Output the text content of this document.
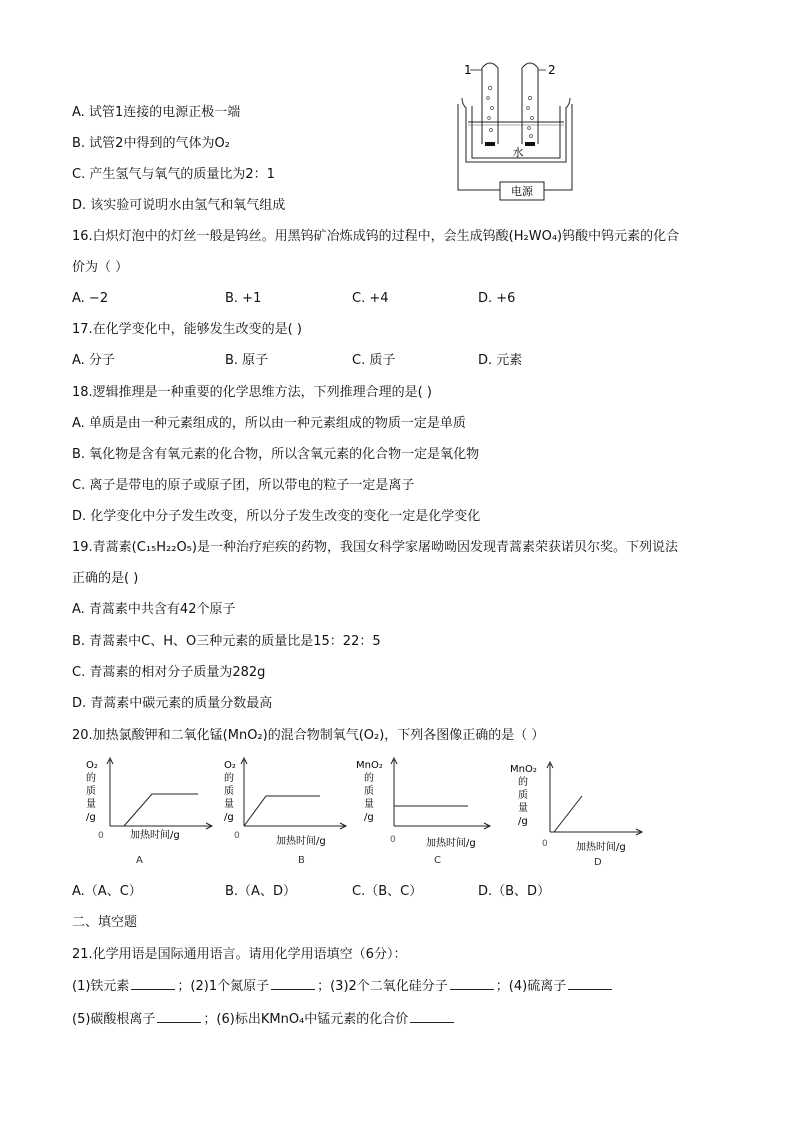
A. 试管1连接的电源正极一端
B. 试管2中得到的气体为O₂
C. 产生氢气与氧气的质量比为2：1
D. 该实验可说明水由氢气和氧气组成
电源
水
1	2
16.白炽灯泡中的灯丝一般是钨丝。用黑钨矿冶炼成钨的过程中，会生成钨酸(H₂WO₄)钨酸中钨元素的化合
价为（ ）
A. −2	B. +1	C. +4	D. +6
17.在化学变化中，能够发生改变的是( )
A. 分子	B. 原子	C. 质子	D. 元素
18.逻辑推理是一种重要的化学思维方法，下列推理合理的是( )
A. 单质是由一种元素组成的，所以由一种元素组成的物质一定是单质
B. 氧化物是含有氧元素的化合物，所以含氧元素的化合物一定是氧化物
C. 离子是带电的原子或原子团，所以带电的粒子一定是离子
D. 化学变化中分子发生改变，所以分子发生改变的变化一定是化学变化
19.青蒿素(C₁₅H₂₂O₅)是一种治疗疟疾的药物，我国女科学家屠呦呦因发现青蒿素荣获诺贝尔奖。下列说法
正确的是( )
A. 青蒿素中共含有42个原子
B. 青蒿素中C、H、O三种元素的质量比是15：22：5
C. 青蒿素的相对分子质量为282g
D. 青蒿素中碳元素的质量分数最高
20.加热氯酸钾和二氧化锰(MnO₂)的混合物制氧气(O₂)，下列各图像正确的是（ ）
O₂
的
质
量
/g
0	加热时间/g
A
O₂
的
质
量
/g
0	加热时间/g
B
MnO₂
的
质
量
/g
0	加热时间/g
C
MnO₂
的
质
量
/g
0	加热时间/g
D
A.（A、C）	B.（A、D）	C.（B、C）	D.（B、D）
二、填空题
21.化学用语是国际通用语言。请用化学用语填空（6分）：
(1)铁元素	；(2)1个氮原子	；(3)2个二氧化硅分子	；(4)硫离子
(5)碳酸根离子	；(6)标出KMnO₄中锰元素的化合价
